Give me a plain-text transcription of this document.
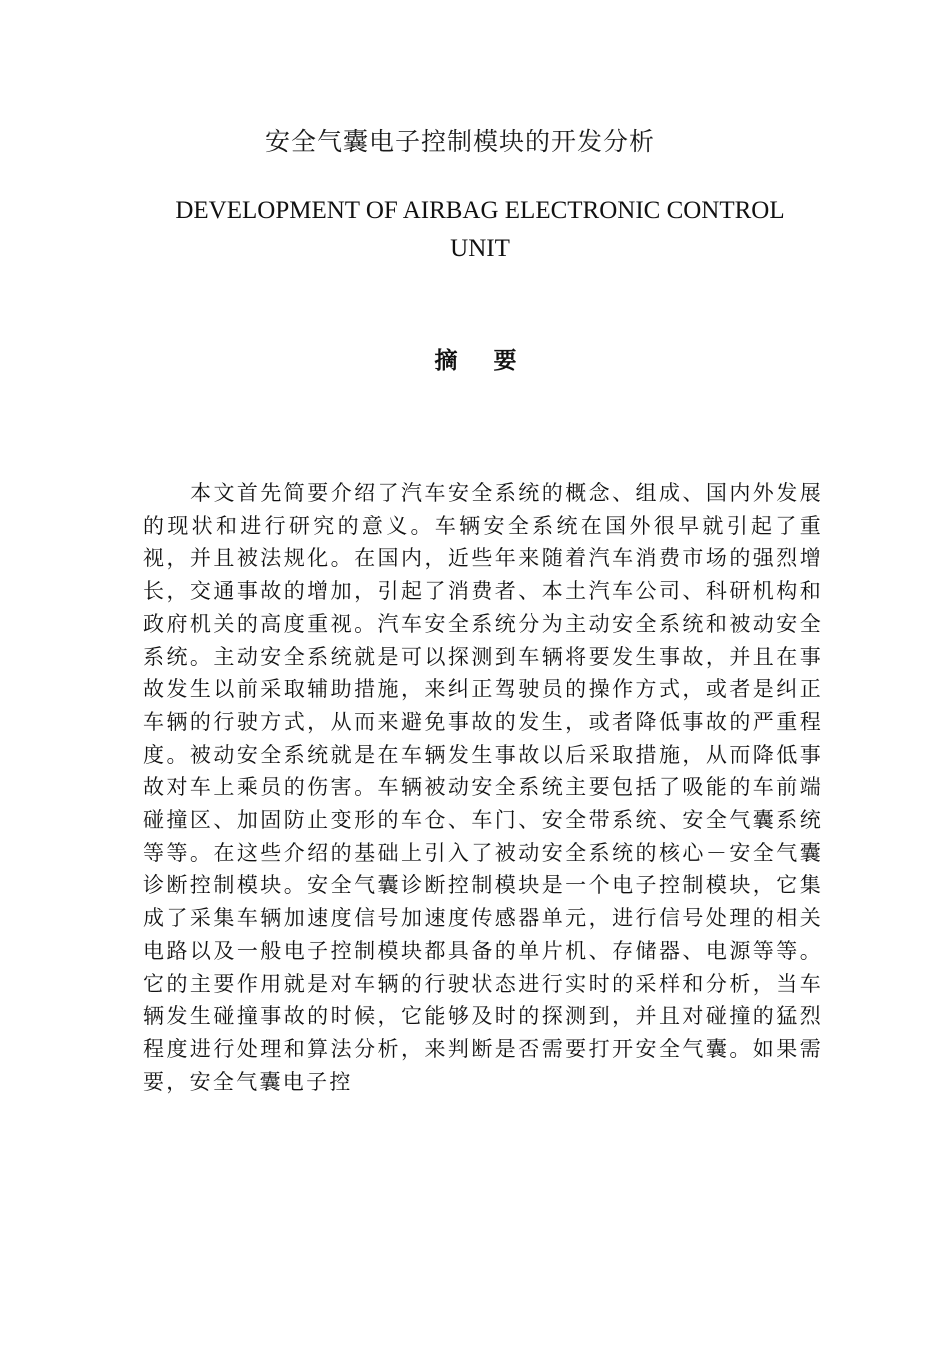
安全气囊电子控制模块的开发分析
DEVELOPMENT OF AIRBAG ELECTRONIC CONTROL UNIT
摘 要

本文首先简要介绍了汽车安全系统的概念、组成、国内外发展的现状和进行研究的意义。车辆安全系统在国外很早就引起了重视，并且被法规化。在国内，近些年来随着汽车消费市场的强烈增长，交通事故的增加，引起了消费者、本土汽车公司、科研机构和政府机关的高度重视。汽车安全系统分为主动安全系统和被动安全系统。主动安全系统就是可以探测到车辆将要发生事故，并且在事故发生以前采取辅助措施，来纠正驾驶员的操作方式，或者是纠正车辆的行驶方式，从而来避免事故的发生，或者降低事故的严重程度。被动安全系统就是在车辆发生事故以后采取措施，从而降低事故对车上乘员的伤害。车辆被动安全系统主要包括了吸能的车前端碰撞区、加固防止变形的车仓、车门、安全带系统、安全气囊系统等等。在这些介绍的基础上引入了被动安全系统的核心－安全气囊诊断控制模块。安全气囊诊断控制模块是一个电子控制模块，它集成了采集车辆加速度信号加速度传感器单元，进行信号处理的相关电路以及一般电子控制模块都具备的单片机、存储器、电源等等。它的主要作用就是对车辆的行驶状态进行实时的采样和分析，当车辆发生碰撞事故的时候，它能够及时的探测到，并且对碰撞的猛烈程度进行处理和算法分析，来判断是否需要打开安全气囊。如果需要，安全气囊电子控
